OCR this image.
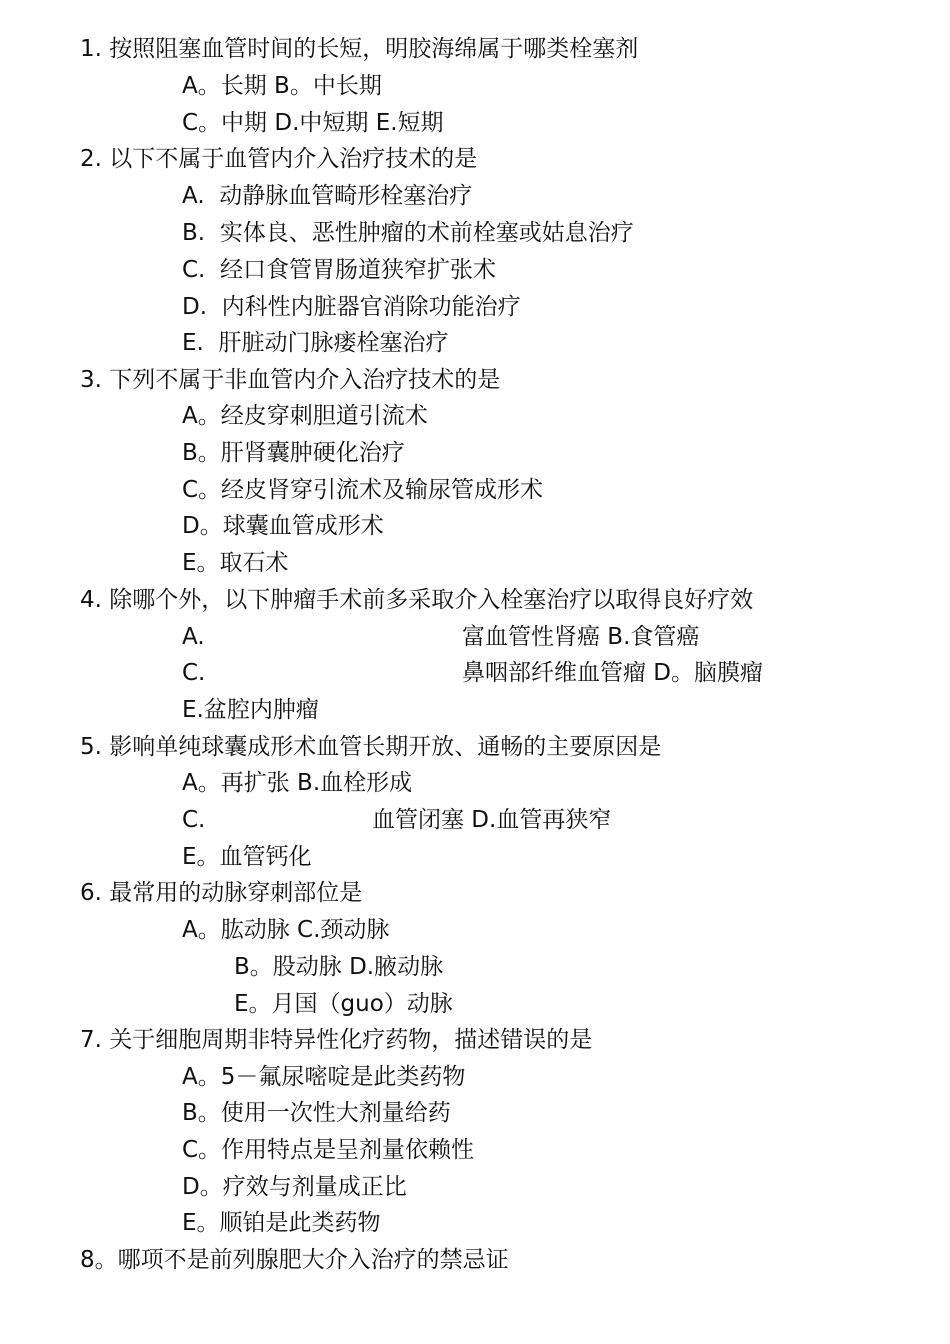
1. 按照阻塞血管时间的长短，明胶海绵属于哪类栓塞剂
A。长期 B。中长期
C。中期 D.中短期 E.短期
2. 以下不属于血管内介入治疗技术的是
A.  动静脉血管畸形栓塞治疗
B.  实体良、恶性肿瘤的术前栓塞或姑息治疗
C.  经口食管胃肠道狭窄扩张术
D.  内科性内脏器官消除功能治疗
E.  肝脏动门脉瘘栓塞治疗
3. 下列不属于非血管内介入治疗技术的是
A。经皮穿刺胆道引流术
B。肝肾囊肿硬化治疗
C。经皮肾穿引流术及输尿管成形术
D。球囊血管成形术
E。取石术
4. 除哪个外，以下肿瘤手术前多采取介入栓塞治疗以取得良好疗效
A.	富血管性肾癌 B.食管癌
C.	鼻咽部纤维血管瘤 D。脑膜瘤
E.盆腔内肿瘤
5. 影响单纯球囊成形术血管长期开放、通畅的主要原因是
A。再扩张 B.血栓形成
C.	血管闭塞 D.血管再狭窄
E。血管钙化
6. 最常用的动脉穿刺部位是
A。肱动脉 C.颈动脉
B。股动脉 D.腋动脉
E。月国（guo）动脉
7. 关于细胞周期非特异性化疗药物，描述错误的是
A。5－氟尿嘧啶是此类药物
B。使用一次性大剂量给药
C。作用特点是呈剂量依赖性
D。疗效与剂量成正比
E。顺铂是此类药物
8。哪项不是前列腺肥大介入治疗的禁忌证
